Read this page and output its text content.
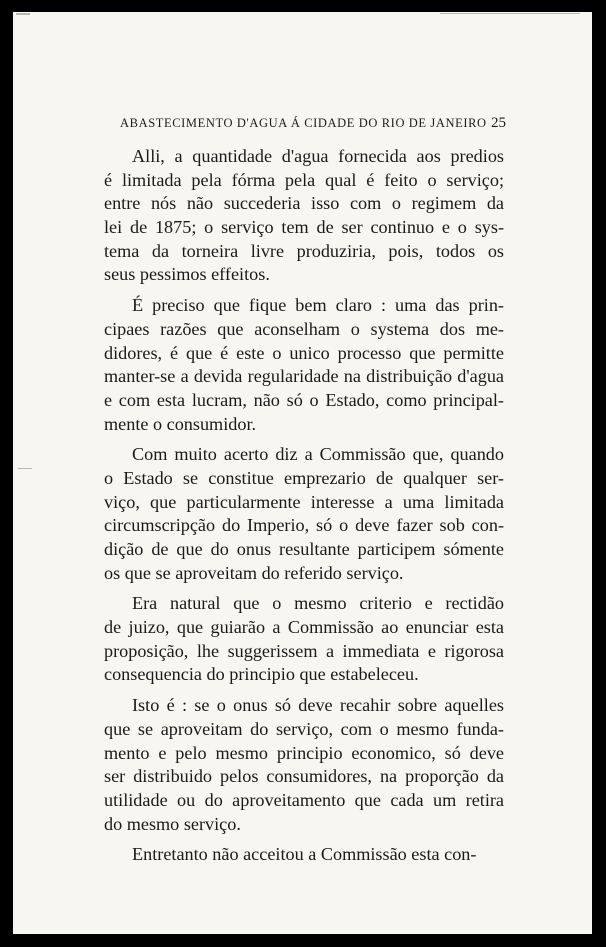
ABASTECIMENTO D'AGUA Á CIDADE DO RIO DE JANEIRO 25
Alli, a quantidade d'agua fornecida aos predios
é limitada pela fórma pela qual é feito o serviço;
entre nós não succederia isso com o regimem da
lei de 1875; o serviço tem de ser continuo e o sys-
tema da torneira livre produziria, pois, todos os
seus pessimos effeitos.
É preciso que fique bem claro : uma das prin-
cipaes razões que aconselham o systema dos me-
didores, é que é este o unico processo que permitte
manter-se a devida regularidade na distribuição d'agua
e com esta lucram, não só o Estado, como principal-
mente o consumidor.
Com muito acerto diz a Commissão que, quando
o Estado se constitue emprezario de qualquer ser-
viço, que particularmente interesse a uma limitada
circumscripção do Imperio, só o deve fazer sob con-
dição de que do onus resultante participem sómente
os que se aproveitam do referido serviço.
Era natural que o mesmo criterio e rectidão
de juizo, que guiarão a Commissão ao enunciar esta
proposição, lhe suggerissem a immediata e rigorosa
consequencia do principio que estabeleceu.
Isto é : se o onus só deve recahir sobre aquelles
que se aproveitam do serviço, com o mesmo funda-
mento e pelo mesmo principio economico, só deve
ser distribuido pelos consumidores, na proporção da
utilidade ou do aproveitamento que cada um retira
do mesmo serviço.
Entretanto não acceitou a Commissão esta con-
